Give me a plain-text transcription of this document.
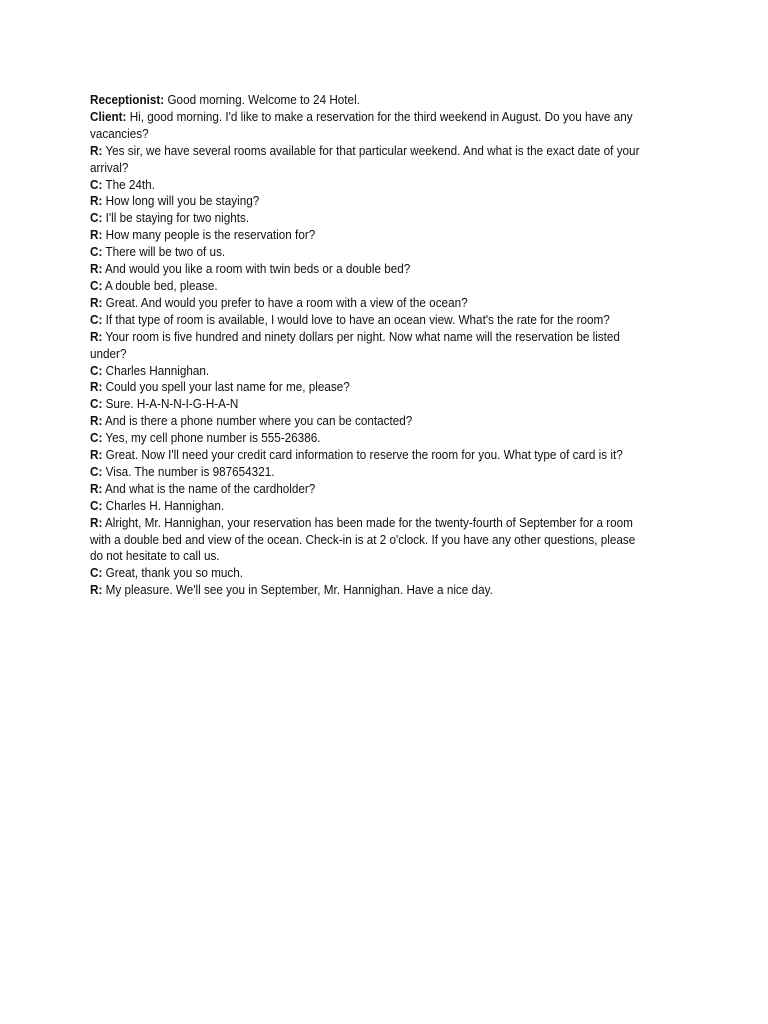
Receptionist: Good morning. Welcome to 24 Hotel.

Client: Hi, good morning. I'd like to make a reservation for the third weekend in August. Do you have any vacancies?

R: Yes sir, we have several rooms available for that particular weekend. And what is the exact date of your arrival?

C: The 24th.

R: How long will you be staying?

C: I'll be staying for two nights.

R: How many people is the reservation for?

C: There will be two of us.

R: And would you like a room with twin beds or a double bed?

C: A double bed, please.

R: Great. And would you prefer to have a room with a view of the ocean?

C: If that type of room is available, I would love to have an ocean view. What's the rate for the room?

R: Your room is five hundred and ninety dollars per night. Now what name will the reservation be listed under?

C: Charles Hannighan.

R: Could you spell your last name for me, please?

C: Sure. H-A-N-N-I-G-H-A-N

R: And is there a phone number where you can be contacted?

C: Yes, my cell phone number is 555-26386.

R: Great. Now I'll need your credit card information to reserve the room for you. What type of card is it?

C: Visa. The number is 987654321.

R: And what is the name of the cardholder?

C: Charles H. Hannighan.

R: Alright, Mr. Hannighan, your reservation has been made for the twenty-fourth of September for a room with a double bed and view of the ocean. Check-in is at 2 o'clock. If you have any other questions, please do not hesitate to call us.

C: Great, thank you so much.

R: My pleasure. We'll see you in September, Mr. Hannighan. Have a nice day.
